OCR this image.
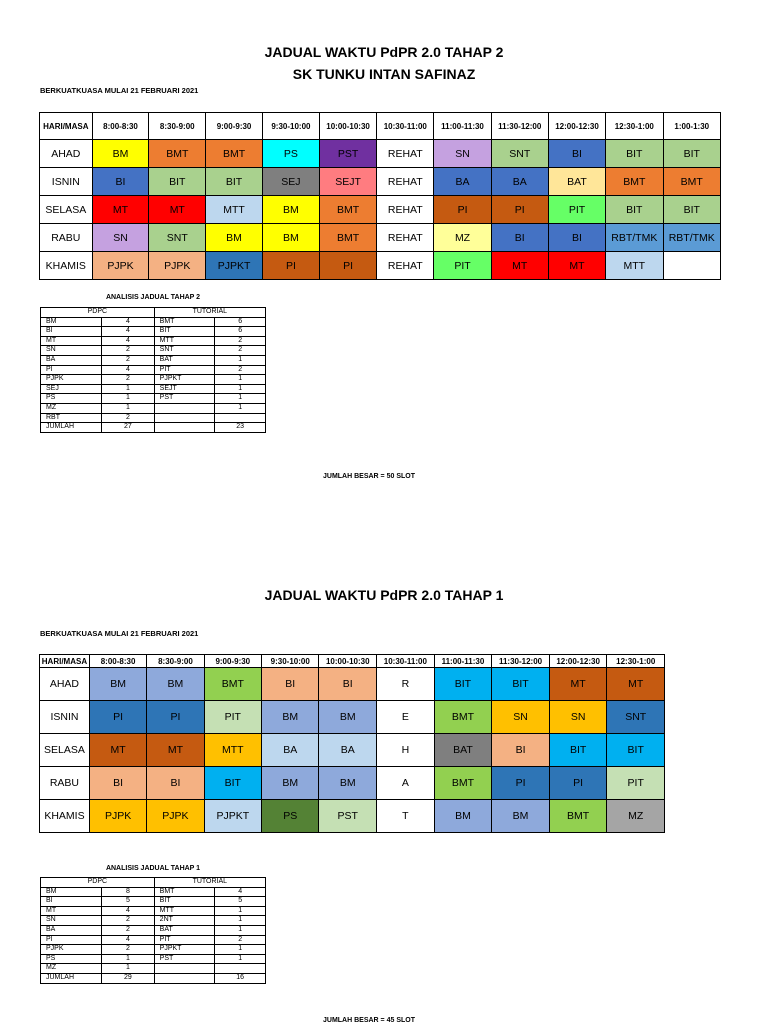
JADUAL WAKTU PdPR 2.0 TAHAP 2
SK TUNKU INTAN SAFINAZ
BERKUATKUASA MULAI 21 FEBRUARI 2021
HARI/MASA	8:00-8:30	8:30-9:00	9:00-9:30	9:30-10:00	10:00-10:30	10:30-11:00	11:00-11:30	11:30-12:00	12:00-12:30	12:30-1:00	1:00-1:30
AHAD	BM	BMT	BMT	PS	PST	REHAT	SN	SNT	BI	BIT	BIT
ISNIN	BI	BIT	BIT	SEJ	SEJT	REHAT	BA	BA	BAT	BMT	BMT
SELASA	MT	MT	MTT	BM	BMT	REHAT	PI	PI	PIT	BIT	BIT
RABU	SN	SNT	BM	BM	BMT	REHAT	MZ	BI	BI	RBT/TMK	RBT/TMK
KHAMIS	PJPK	PJPK	PJPKT	PI	PI	REHAT	PIT	MT	MT	MTT	
ANALISIS JADUAL TAHAP 2
PDPC		TUTORIAL	
BM	4	BMT	6
BI	4	BIT	6
MT	4	MTT	2
SN	2	SNT	2
BA	2	BAT	1
PI	4	PIT	2
PJPK	2	PJPKT	1
SEJ	1	SEJT	1
PS	1	PST	1
MZ	1		1
RBT	2		
JUMLAH	27		23
JUMLAH BESAR = 50 SLOT
JADUAL WAKTU PdPR 2.0 TAHAP 1
BERKUATKUASA MULAI 21 FEBRUARI 2021
HARI/MASA	8:00-8:30	8:30-9:00	9:00-9:30	9:30-10:00	10:00-10:30	10:30-11:00	11:00-11:30	11:30-12:00	12:00-12:30	12:30-1:00
AHAD	BM	BM	BMT	BI	BI	R	BIT	BIT	MT	MT
ISNIN	PI	PI	PIT	BM	BM	E	BMT	SN	SN	SNT
SELASA	MT	MT	MTT	BA	BA	H	BAT	BI	BIT	BIT
RABU	BI	BI	BIT	BM	BM	A	BMT	PI	PI	PIT
KHAMIS	PJPK	PJPK	PJPKT	PS	PST	T	BM	BM	BMT	MZ
ANALISIS JADUAL TAHAP 1
PDPC		TUTORIAL	
BM	8	BMT	4
BI	5	BIT	5
MT	4	MTT	1
SN	2	2NT	1
BA	2	BAT	1
PI	4	PIT	2
PJPK	2	PJPKT	1
PS	1	PST	1
MZ	1		
JUMLAH	29		16
JUMLAH BESAR = 45 SLOT
